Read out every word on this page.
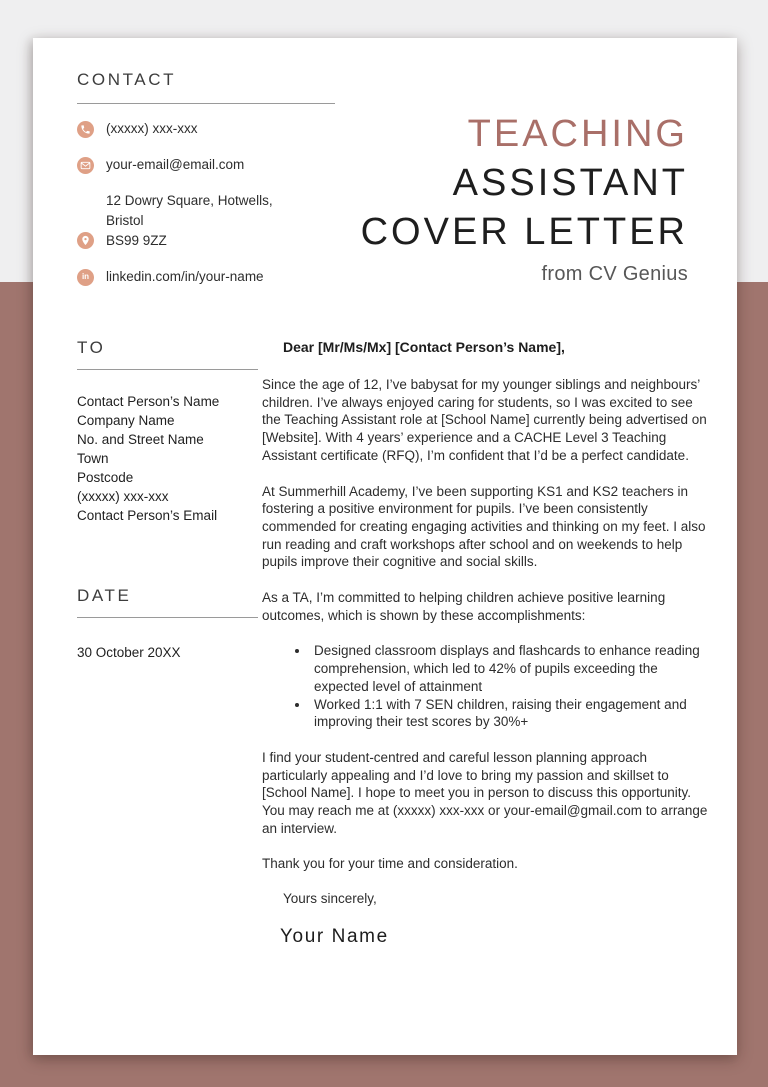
CONTACT
(xxxxx) xxx-xxx
your-email@email.com
12 Dowry Square, Hotwells,
Bristol
BS99 9ZZ
in	linkedin.com/in/your-name
TEACHING
ASSISTANT
COVER LETTER
from CV Genius
TO
Contact Person’s Name
Company Name
No. and Street Name
Town
Postcode
(xxxxx) xxx-xxx
Contact Person’s Email
DATE
30 October 20XX
Dear [Mr/Ms/Mx] [Contact Person’s Name],

Since the age of 12, I’ve babysat for my younger siblings and neighbours’ children. I’ve always enjoyed caring for students, so I was excited to see the Teaching Assistant role at [School Name] currently being advertised on [Website]. With 4 years’ experience and a CACHE Level 3 Teaching Assistant certificate (RFQ), I’m confident that I’d be a perfect candidate.

At Summerhill Academy, I’ve been supporting KS1 and KS2 teachers in fostering a positive environment for pupils. I’ve been consistently commended for creating engaging activities and thinking on my feet. I also run reading and craft workshops after school and on weekends to help pupils improve their cognitive and social skills.

As a TA, I’m committed to helping children achieve positive learning outcomes, which is shown by these accomplishments:

• Designed classroom displays and flashcards to enhance reading comprehension, which led to 42% of pupils exceeding the expected level of attainment
• Worked 1:1 with 7 SEN children, raising their engagement and improving their test scores by 30%+

I find your student-centred and careful lesson planning approach particularly appealing and I’d love to bring my passion and skillset to [School Name]. I hope to meet you in person to discuss this opportunity. You may reach me at (xxxxx) xxx-xxx or your-email@gmail.com to arrange an interview.

Thank you for your time and consideration.

Yours sincerely,
Your Name
